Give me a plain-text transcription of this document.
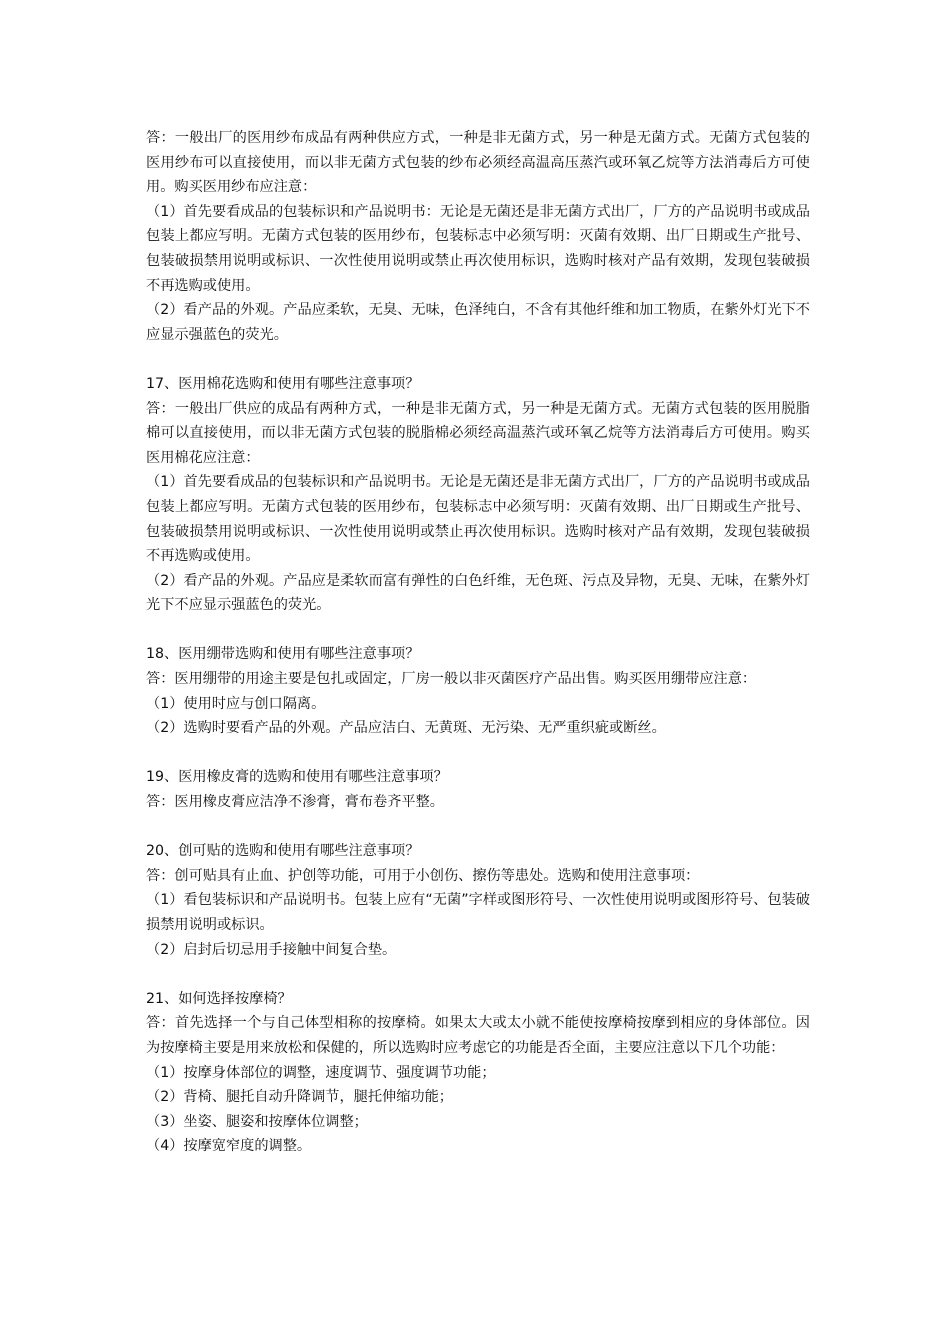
答：一般出厂的医用纱布成品有两种供应方式，一种是非无菌方式，另一种是无菌方式。无菌方式包装的医用纱布可以直接使用，而以非无菌方式包装的纱布必须经高温高压蒸汽或环氧乙烷等方法消毒后方可使用。购买医用纱布应注意：

（1）首先要看成品的包装标识和产品说明书：无论是无菌还是非无菌方式出厂，厂方的产品说明书或成品包装上都应写明。无菌方式包装的医用纱布，包装标志中必须写明：灭菌有效期、出厂日期或生产批号、包装破损禁用说明或标识、一次性使用说明或禁止再次使用标识，选购时核对产品有效期，发现包装破损不再选购或使用。

（2）看产品的外观。产品应柔软，无臭、无味，色泽纯白，不含有其他纤维和加工物质，在紫外灯光下不应显示强蓝色的荧光。

17、医用棉花选购和使用有哪些注意事项？

答：一般出厂供应的成品有两种方式，一种是非无菌方式，另一种是无菌方式。无菌方式包装的医用脱脂棉可以直接使用，而以非无菌方式包装的脱脂棉必须经高温蒸汽或环氧乙烷等方法消毒后方可使用。购买医用棉花应注意：

（1）首先要看成品的包装标识和产品说明书。无论是无菌还是非无菌方式出厂，厂方的产品说明书或成品包装上都应写明。无菌方式包装的医用纱布，包装标志中必须写明：灭菌有效期、出厂日期或生产批号、包装破损禁用说明或标识、一次性使用说明或禁止再次使用标识。选购时核对产品有效期，发现包装破损不再选购或使用。

（2）看产品的外观。产品应是柔软而富有弹性的白色纤维，无色斑、污点及异物，无臭、无味，在紫外灯光下不应显示强蓝色的荧光。

18、医用绷带选购和使用有哪些注意事项？

答：医用绷带的用途主要是包扎或固定，厂房一般以非灭菌医疗产品出售。购买医用绷带应注意：

（1）使用时应与创口隔离。

（2）选购时要看产品的外观。产品应洁白、无黄斑、无污染、无严重织疵或断丝。

19、医用橡皮膏的选购和使用有哪些注意事项？

答：医用橡皮膏应洁净不渗膏，膏布卷齐平整。

20、创可贴的选购和使用有哪些注意事项？

答：创可贴具有止血、护创等功能，可用于小创伤、擦伤等患处。选购和使用注意事项：

（1）看包装标识和产品说明书。包装上应有“无菌”字样或图形符号、一次性使用说明或图形符号、包装破损禁用说明或标识。

（2）启封后切忌用手接触中间复合垫。

21、如何选择按摩椅？

答：首先选择一个与自己体型相称的按摩椅。如果太大或太小就不能使按摩椅按摩到相应的身体部位。因为按摩椅主要是用来放松和保健的，所以选购时应考虑它的功能是否全面，主要应注意以下几个功能：

（1）按摩身体部位的调整，速度调节、强度调节功能；

（2）背椅、腿托自动升降调节，腿托伸缩功能；

（3）坐姿、腿姿和按摩体位调整；

（4）按摩宽窄度的调整。
